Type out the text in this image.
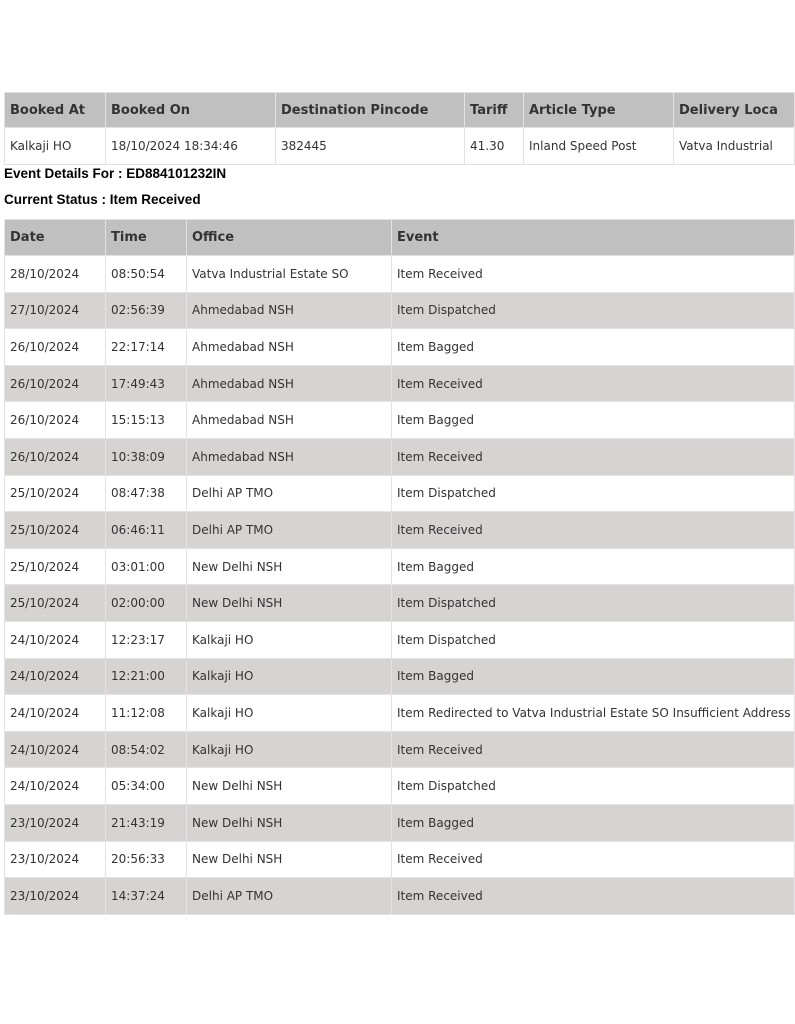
Booked At	Booked On	Destination Pincode	Tariff	Article Type	Delivery Loca
Kalkaji HO	18/10/2024 18:34:46	382445	41.30	Inland Speed Post	Vatva Industrial

Event Details For : ED884101232IN

Current Status : Item Received

Date	Time	Office	Event
28/10/2024	08:50:54	Vatva Industrial Estate SO	Item Received
27/10/2024	02:56:39	Ahmedabad NSH	Item Dispatched
26/10/2024	22:17:14	Ahmedabad NSH	Item Bagged
26/10/2024	17:49:43	Ahmedabad NSH	Item Received
26/10/2024	15:15:13	Ahmedabad NSH	Item Bagged
26/10/2024	10:38:09	Ahmedabad NSH	Item Received
25/10/2024	08:47:38	Delhi AP TMO	Item Dispatched
25/10/2024	06:46:11	Delhi AP TMO	Item Received
25/10/2024	03:01:00	New Delhi NSH	Item Bagged
25/10/2024	02:00:00	New Delhi NSH	Item Dispatched
24/10/2024	12:23:17	Kalkaji HO	Item Dispatched
24/10/2024	12:21:00	Kalkaji HO	Item Bagged
24/10/2024	11:12:08	Kalkaji HO	Item Redirected to Vatva Industrial Estate SO Insufficient Address
24/10/2024	08:54:02	Kalkaji HO	Item Received
24/10/2024	05:34:00	New Delhi NSH	Item Dispatched
23/10/2024	21:43:19	New Delhi NSH	Item Bagged
23/10/2024	20:56:33	New Delhi NSH	Item Received
23/10/2024	14:37:24	Delhi AP TMO	Item Received
